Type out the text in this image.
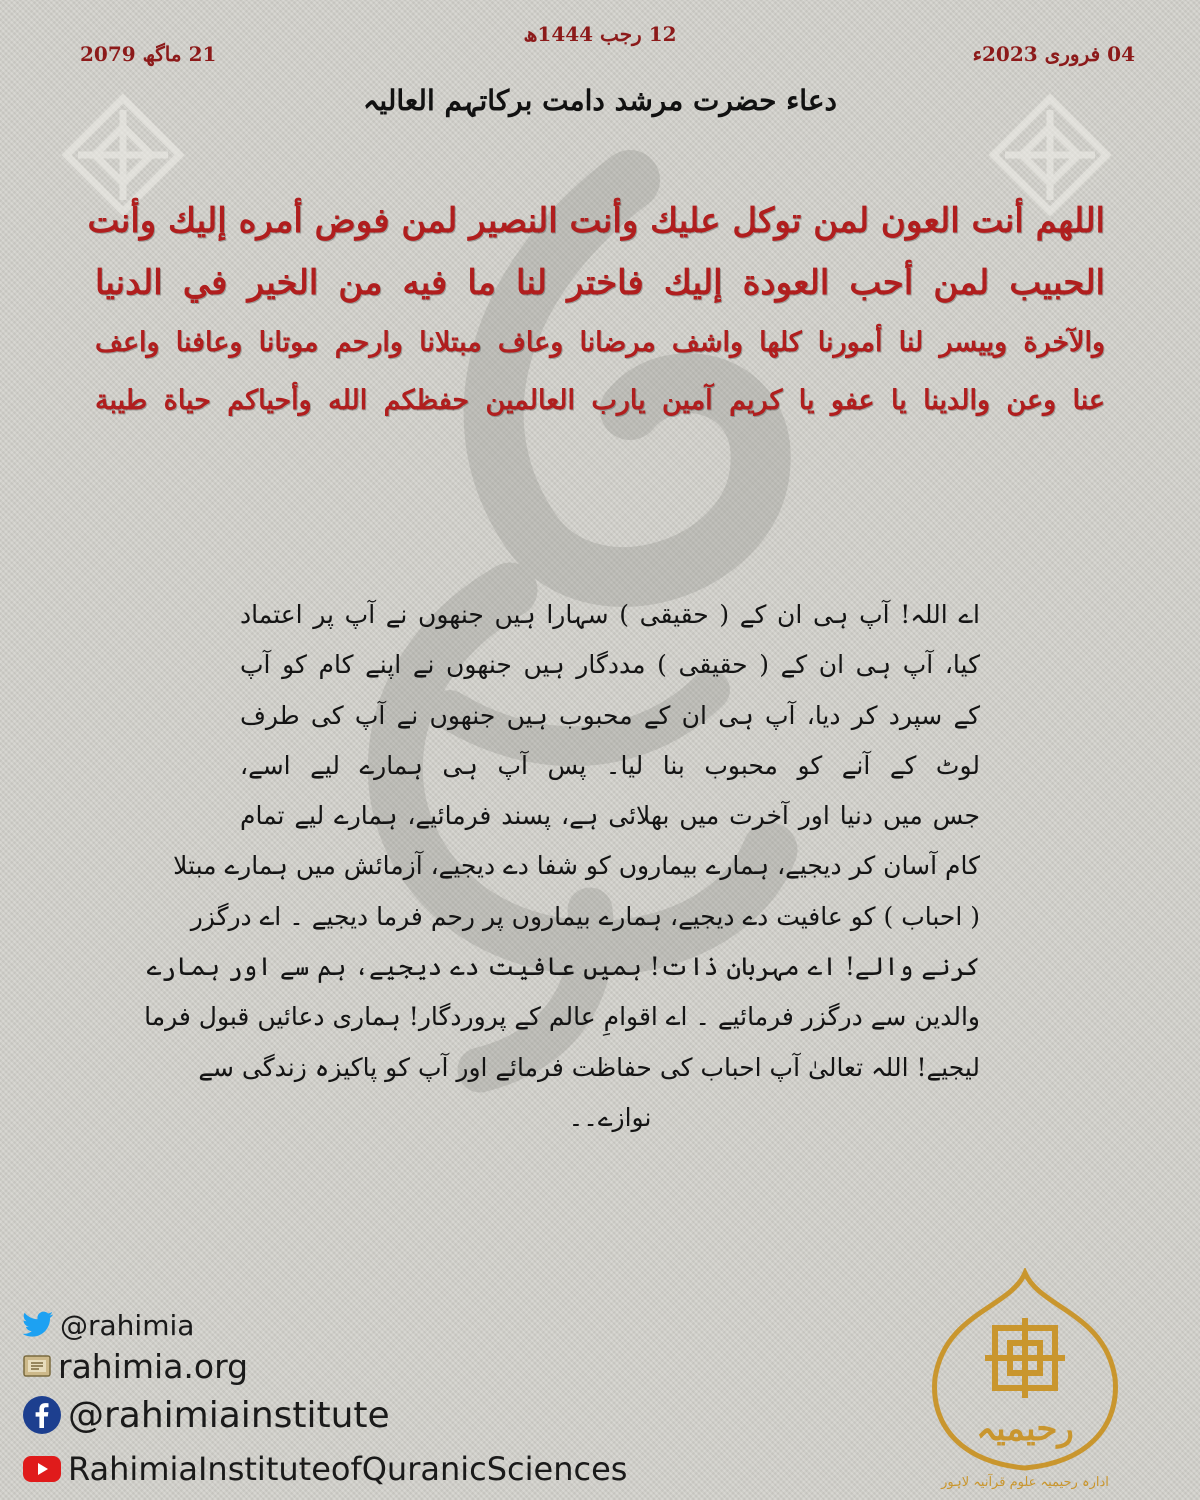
04 فروری 2023ء
21 ماگھ 2079
12 رجب 1444ھ
دعاء حضرت مرشد دامت برکاتہم العالیہ
اللهم أنت العون لمن توكل عليك وأنت النصير لمن فوض أمره إليك وأنت
الحبيب لمن أحب العودة إليك فاختر لنا ما فيه من الخير في الدنيا
والآخرة وييسر لنا أمورنا كلها واشف مرضانا وعاف مبتلانا وارحم موتانا وعافنا واعف
عنا وعن والدينا يا عفو يا كريم آمين يارب العالمين حفظكم الله وأحياكم حياة طيبة
اے اللہ! آپ ہی ان کے ( حقیقی ) سہارا ہیں جنھوں نے آپ پر اعتماد
کیا، آپ ہی ان کے ( حقیقی ) مددگار ہیں جنھوں نے اپنے کام کو آپ
کے سپرد کر دیا، آپ ہی ان کے محبوب ہیں جنھوں نے آپ کی طرف
لوٹ کے آنے کو محبوب بنا لیا۔ پس آپ ہی ہمارے لیے اسے،
جس میں دنیا اور آخرت میں بھلائی ہے، پسند فرمائیے، ہمارے لیے تمام
کام آسان کر دیجیے، ہمارے بیماروں کو شفا دے دیجیے، آزمائش میں ہمارے مبتلا
( احباب ) کو عافیت دے دیجیے، ہمارے بیماروں پر رحم فرما دیجیے ۔ اے درگزر
کرنے والے! اے مہربان ذات! ہمیں عافیت دے دیجیے، ہم سے اور ہمارے
والدین سے درگزر فرمائیے ۔ اے اقوامِ عالم کے پروردگار! ہماری دعائیں قبول فرما
لیجیے! اللہ تعالیٰ آپ احباب کی حفاظت فرمائے اور آپ کو پاکیزہ زندگی سے
نوازے۔۔
@rahimia
rahimia.org
@rahimiainstitute
RahimiaInstituteofQuranicSciences
رحیمیہ
ادارہ رحیمیہ علوم قرآنیہ لاہور
